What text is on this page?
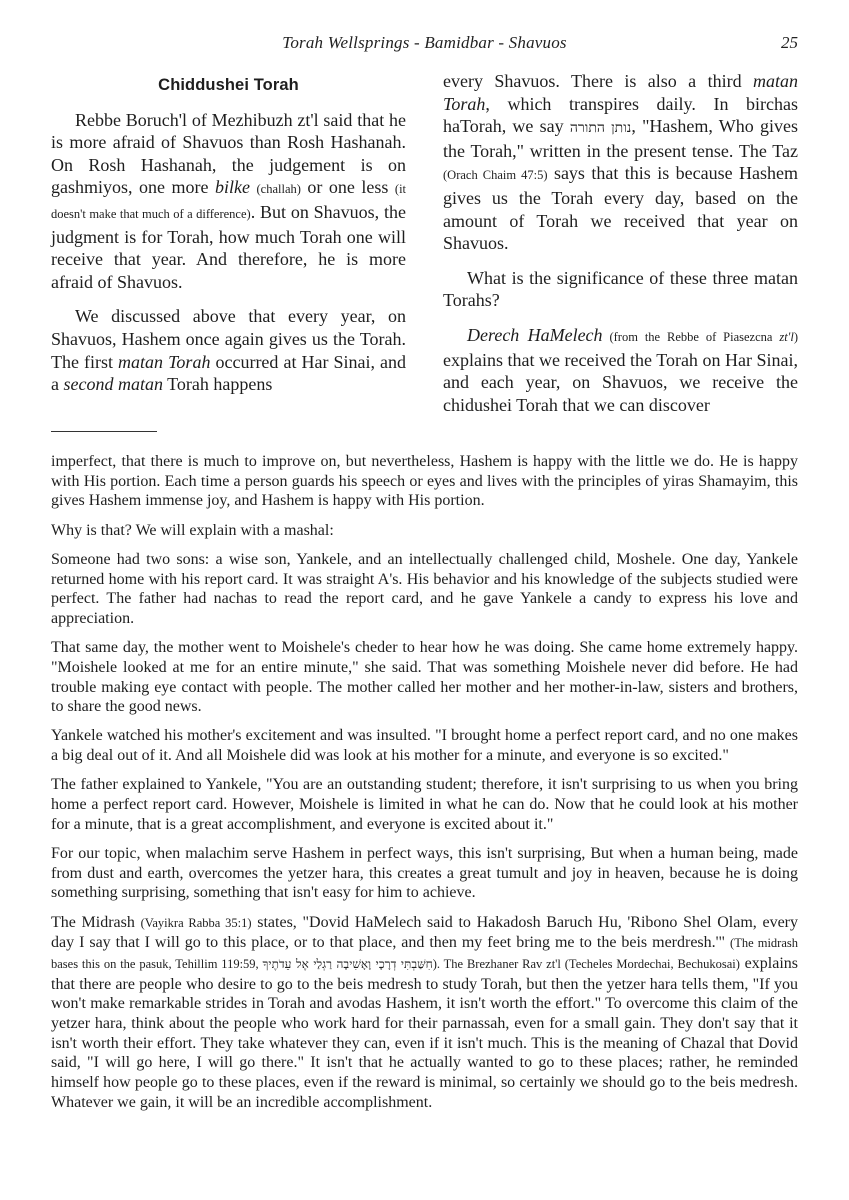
Torah Wellsprings - Bamidbar - Shavuos	25
Chiddushei Torah

Rebbe Boruch'l of Mezhibuzh zt'l said that he is more afraid of Shavuos than Rosh Hashanah. On Rosh Hashanah, the judgement is on gashmiyos, one more bilke (challah) or one less (it doesn't make that much of a difference). But on Shavuos, the judgment is for Torah, how much Torah one will receive that year. And therefore, he is more afraid of Shavuos.

We discussed above that every year, on Shavuos, Hashem once again gives us the Torah. The first matan Torah occurred at Har Sinai, and a second matan Torah happens

every Shavuos. There is also a third matan Torah, which transpires daily. In birchas haTorah, we say נותן התורה, "Hashem, Who gives the Torah," written in the present tense. The Taz (Orach Chaim 47:5) says that this is because Hashem gives us the Torah every day, based on the amount of Torah we received that year on Shavuos.

What is the significance of these three matan Torahs?

Derech HaMelech (from the Rebbe of Piasezcna zt'l) explains that we received the Torah on Har Sinai, and each year, on Shavuos, we receive the chidushei Torah that we can discover

imperfect, that there is much to improve on, but nevertheless, Hashem is happy with the little we do. He is happy with His portion. Each time a person guards his speech or eyes and lives with the principles of yiras Shamayim, this gives Hashem immense joy, and Hashem is happy with His portion.

Why is that? We will explain with a mashal:

Someone had two sons: a wise son, Yankele, and an intellectually challenged child, Moshele. One day, Yankele returned home with his report card. It was straight A's. His behavior and his knowledge of the subjects studied were perfect. The father had nachas to read the report card, and he gave Yankele a candy to express his love and appreciation.

That same day, the mother went to Moishele's cheder to hear how he was doing. She came home extremely happy. "Moishele looked at me for an entire minute," she said. That was something Moishele never did before. He had trouble making eye contact with people. The mother called her mother and her mother-in-law, sisters and brothers, to share the good news.

Yankele watched his mother's excitement and was insulted. "I brought home a perfect report card, and no one makes a big deal out of it. And all Moishele did was look at his mother for a minute, and everyone is so excited."

The father explained to Yankele, "You are an outstanding student; therefore, it isn't surprising to us when you bring home a perfect report card. However, Moishele is limited in what he can do. Now that he could look at his mother for a minute, that is a great accomplishment, and everyone is excited about it."

For our topic, when malachim serve Hashem in perfect ways, this isn't surprising, But when a human being, made from dust and earth, overcomes the yetzer hara, this creates a great tumult and joy in heaven, because he is doing something surprising, something that isn't easy for him to achieve.

The Midrash (Vayikra Rabba 35:1) states, "Dovid HaMelech said to Hakadosh Baruch Hu, 'Ribono Shel Olam, every day I say that I will go to this place, or to that place, and then my feet bring me to the beis merdresh.'" (The midrash bases this on the pasuk, Tehillim 119:59, חִשַּׁבְתִּי דְרָכָי וָאָשִׁיבָה רַגְלַי אֶל עֵדֹתֶיךָ). The Brezhaner Rav zt'l (Techeles Mordechai, Bechukosai) explains that there are people who desire to go to the beis medresh to study Torah, but then the yetzer hara tells them, "If you won't make remarkable strides in Torah and avodas Hashem, it isn't worth the effort." To overcome this claim of the yetzer hara, think about the people who work hard for their parnassah, even for a small gain. They don't say that it isn't worth their effort. They take whatever they can, even if it isn't much. This is the meaning of Chazal that Dovid said, "I will go here, I will go there." It isn't that he actually wanted to go to these places; rather, he reminded himself how people go to these places, even if the reward is minimal, so certainly we should go to the beis medresh. Whatever we gain, it will be an incredible accomplishment.
